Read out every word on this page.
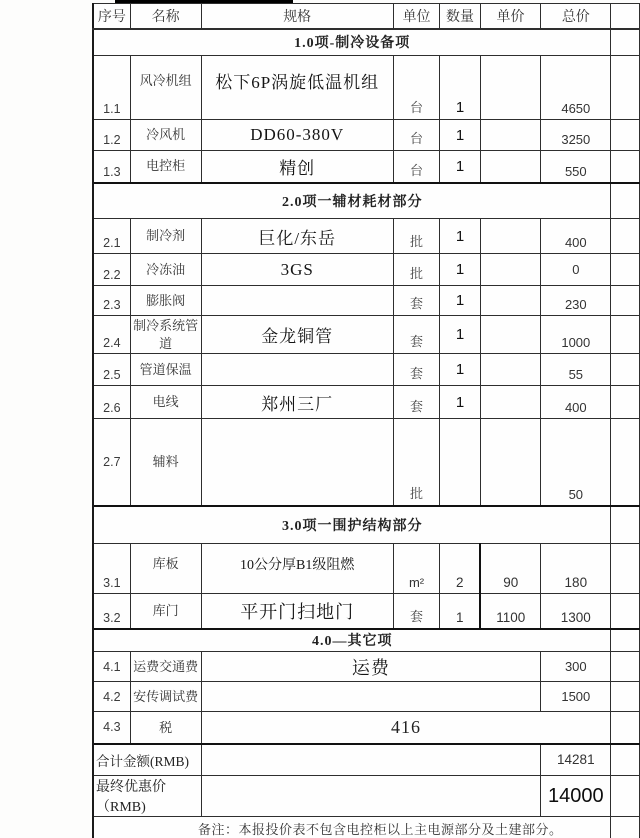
序号	名称	规格	单位	数量	单价	总价	
1.0项-制冷设备项							
1.1	风冷机组	松下6P涡旋低温机组	台	1		4650	
1.2	冷风机	DD60-380V	台	1		3250	
1.3	电控柜	精创	台	1		550	
2.0项一辅材耗材部分							
2.1	制冷剂	巨化/东岳	批	1		400	
2.2	冷冻油	3GS	批	1		0	
2.3	膨胀阀		套	1		230	
2.4	制冷系统管道	金龙铜管	套	1		1000	
2.5	管道保温		套	1		55	
2.6	电线	郑州三厂	套	1		400	
2.7	辅料		批			50	
3.0项一围护结构部分							
3.1	库板	10公分厚B1级阻燃	m²	2	90	180	
3.2	库门	平开门扫地门	套	1	1100	1300	
4.0—其它项							
4.1	运费交通费	运费				300	
4.2	安传调试费					1500	
4.3	税	416					
合计金额(RMB)						14281	
最终优惠价（RMB)						14000	
备注：本报投价表不包含电控柜以上主电源部分及土建部分。							
